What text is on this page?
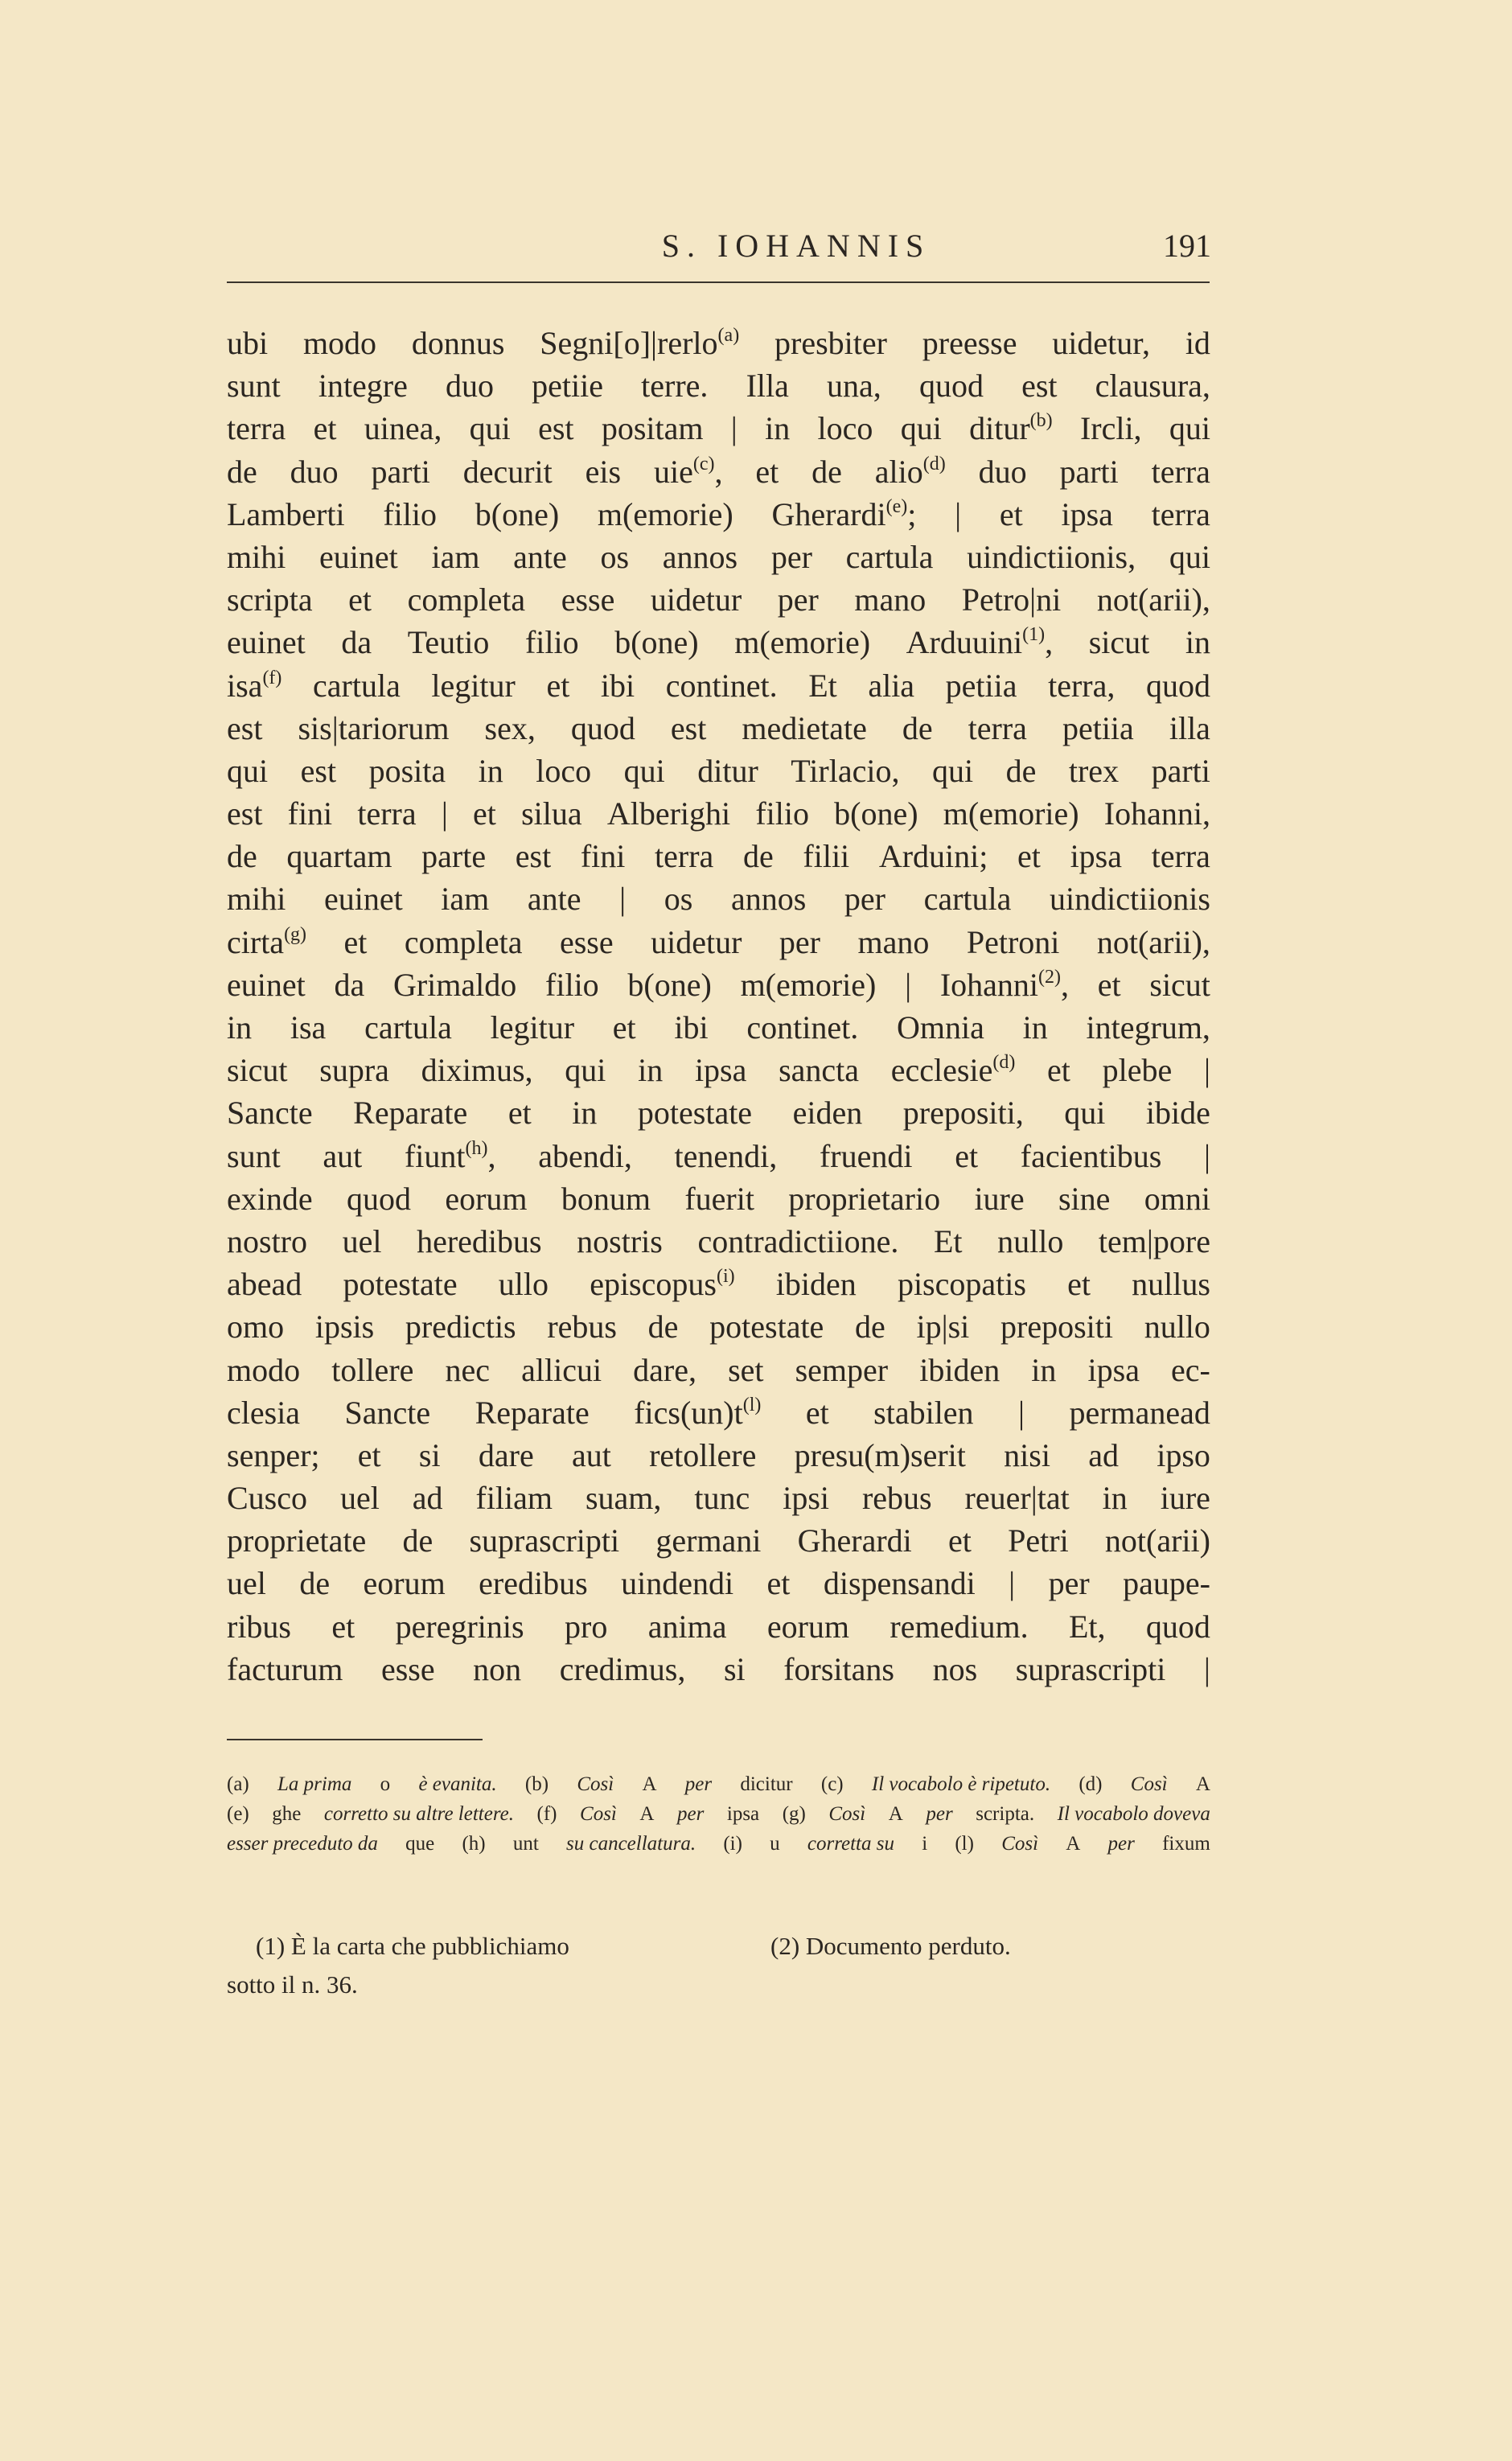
S. IOHANNIS	191
ubi modo donnus Segni[o]|rerlo$^{(a)}$ presbiter preesse uidetur, id
sunt integre duo petiie terre. Illa una, quod est clausura,
terra et uinea, qui est positam | in loco qui ditur$^{(b)}$ Ircli, qui
de duo parti decurit eis uie$^{(c)}$, et de alio$^{(d)}$ duo parti terra
Lamberti filio b(one) m(emorie) Gherardi$^{(e)}$; | et ipsa terra
mihi euinet iam ante os annos per cartula uindictiionis, qui
scripta et completa esse uidetur per mano Petro|ni not(arii),
euinet da Teutio filio b(one) m(emorie) Arduuini$^{(1)}$, sicut in
isa$^{(f)}$ cartula legitur et ibi continet. Et alia petiia terra, quod
est sis|tariorum sex, quod est medietate de terra petiia illa
qui est posita in loco qui ditur Tirlacio, qui de trex parti
est fini terra | et silua Alberighi filio b(one) m(emorie) Iohanni,
de quartam parte est fini terra de filii Arduini; et ipsa terra
mihi euinet iam ante | os annos per cartula uindictiionis
cirta$^{(g)}$ et completa esse uidetur per mano Petroni not(arii),
euinet da Grimaldo filio b(one) m(emorie) | Iohanni$^{(2)}$, et sicut
in isa cartula legitur et ibi continet. Omnia in integrum,
sicut supra diximus, qui in ipsa sancta ecclesie$^{(d)}$ et plebe |
Sancte Reparate et in potestate eiden prepositi, qui ibide
sunt aut fiunt$^{(h)}$, abendi, tenendi, fruendi et facientibus |
exinde quod eorum bonum fuerit proprietario iure sine omni
nostro uel heredibus nostris contradictiione. Et nullo tem|pore
abead potestate ullo episcopus$^{(i)}$ ibiden piscopatis et nullus
omo ipsis predictis rebus de potestate de ip|si prepositi nullo
modo tollere nec allicui dare, set semper ibiden in ipsa ec-
clesia Sancte Reparate $fics(un)t^{(l)}$ et stabilen | permanead
senper; et si dare aut retollere presu(m)serit nisi ad ipso
Cusco uel ad filiam suam, tunc ipsi rebus reuer|tat in iure
proprietate de suprascripti germani Gherardi et Petri not(arii)
uel de eorum eredibus uindendi et dispensandi | per paupe-
ribus et peregrinis pro anima eorum remedium. Et, quod
facturum esse non credimus, si forsitans nos suprascripti |
(a) La prima o è evanita. (b) Così A per dicitur (c) Il vocabolo è ripetuto. (d) Così A
(e) ghe corretto su altre lettere. (f) Così A per ipsa (g) Così A per scripta. Il vocabolo doveva
esser preceduto da que (h) unt su cancellatura. (i) u corretta su i (l) Così A per fixum
(1) È la carta che pubblichiamo
sotto il n. 36.
(2) Documento perduto.
